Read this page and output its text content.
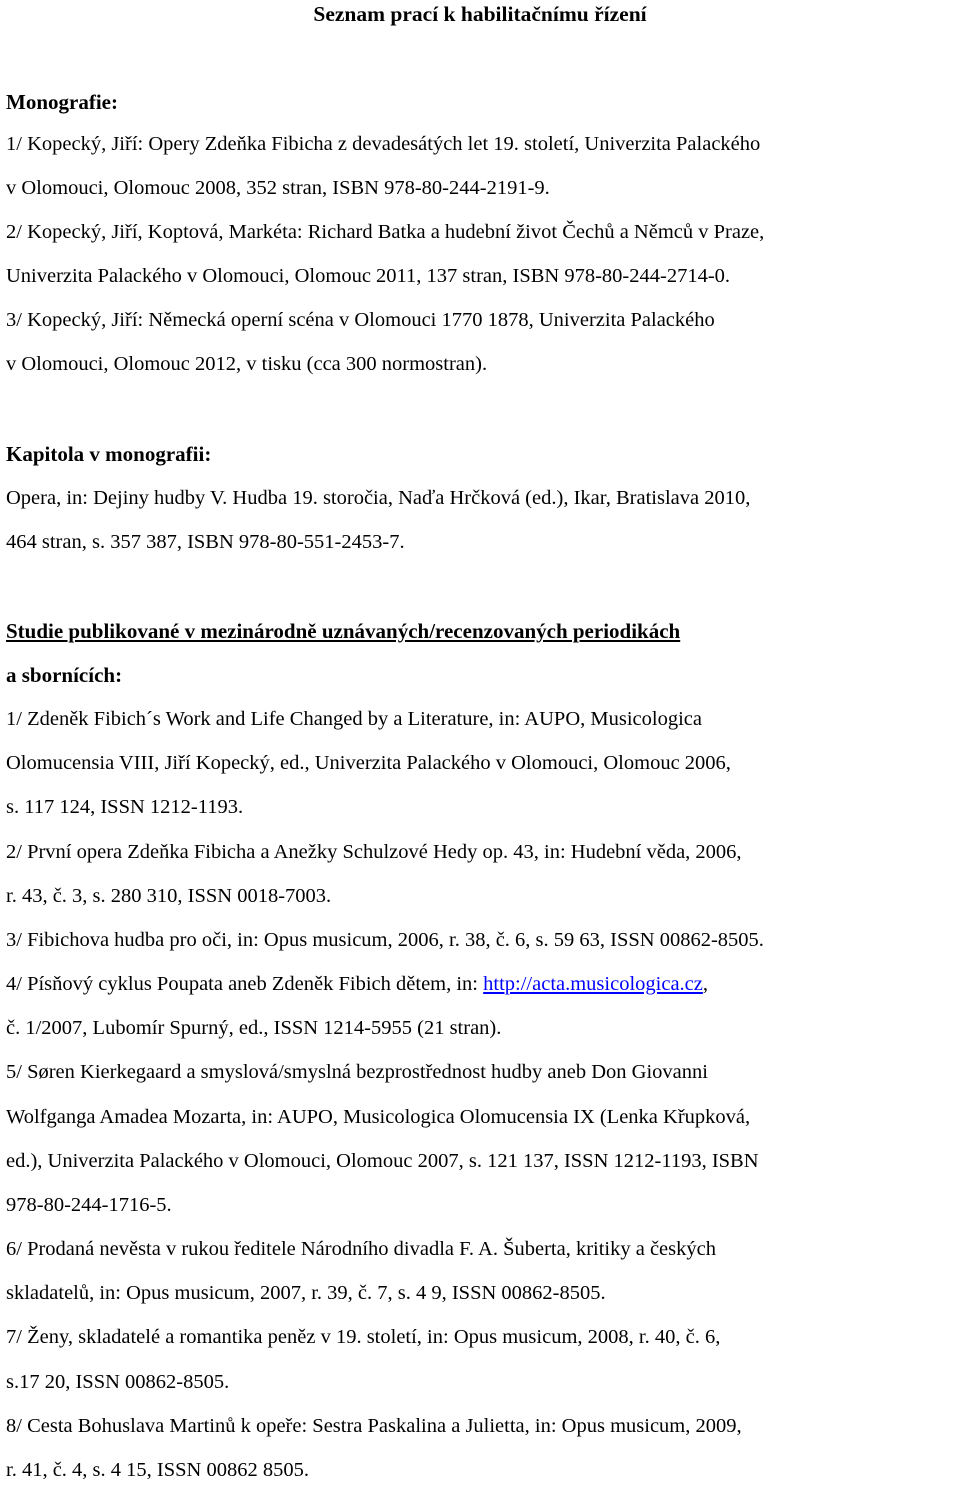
Seznam prací k habilitačnímu řízení
Monografie:
1/ Kopecký, Jiří: Opery Zdeňka Fibicha z devadesátých let 19. století, Univerzita Palackého
v Olomouci, Olomouc 2008, 352 stran, ISBN 978-80-244-2191-9.
2/ Kopecký, Jiří, Koptová, Markéta: Richard Batka a hudební život Čechů a Němců v Praze,
Univerzita Palackého v Olomouci, Olomouc 2011, 137 stran, ISBN 978-80-244-2714-0.
3/ Kopecký, Jiří: Německá operní scéna v Olomouci 1770 1878, Univerzita Palackého
v Olomouci, Olomouc 2012, v tisku (cca 300 normostran).
Kapitola v monografii:
Opera, in: Dejiny hudby V. Hudba 19. storočia, Naďa Hrčková (ed.), Ikar, Bratislava 2010,
464 stran, s. 357 387, ISBN 978-80-551-2453-7.
Studie publikované v mezinárodně uznávaných/recenzovaných periodikách
a sbornících:
1/ Zdeněk Fibich´s Work and Life Changed by a Literature, in: AUPO, Musicologica
Olomucensia VIII, Jiří Kopecký, ed., Univerzita Palackého v Olomouci, Olomouc 2006,
s. 117 124, ISSN 1212-1193.
2/ První opera Zdeňka Fibicha a Anežky Schulzové Hedy op. 43, in: Hudební věda, 2006,
r. 43, č. 3, s. 280 310, ISSN 0018-7003.
3/ Fibichova hudba pro oči, in: Opus musicum, 2006, r. 38, č. 6, s. 59 63, ISSN 00862-8505.
4/ Písňový cyklus Poupata aneb Zdeněk Fibich dětem, in: http://acta.musicologica.cz,
č. 1/2007, Lubomír Spurný, ed., ISSN 1214-5955 (21 stran).
5/ Søren Kierkegaard a smyslová/smyslná bezprostřednost hudby aneb Don Giovanni
Wolfganga Amadea Mozarta, in: AUPO, Musicologica Olomucensia IX (Lenka Křupková,
ed.), Univerzita Palackého v Olomouci, Olomouc 2007, s. 121 137, ISSN 1212-1193, ISBN
978-80-244-1716-5.
6/ Prodaná nevěsta v rukou ředitele Národního divadla F. A. Šuberta, kritiky a českých
skladatelů, in: Opus musicum, 2007, r. 39, č. 7, s. 4 9, ISSN 00862-8505.
7/ Ženy, skladatelé a romantika peněz v 19. století, in: Opus musicum, 2008, r. 40, č. 6,
s.17 20, ISSN 00862-8505.
8/ Cesta Bohuslava Martinů k opeře: Sestra Paskalina a Julietta, in: Opus musicum, 2009,
r. 41, č. 4, s. 4 15, ISSN 00862 8505.
